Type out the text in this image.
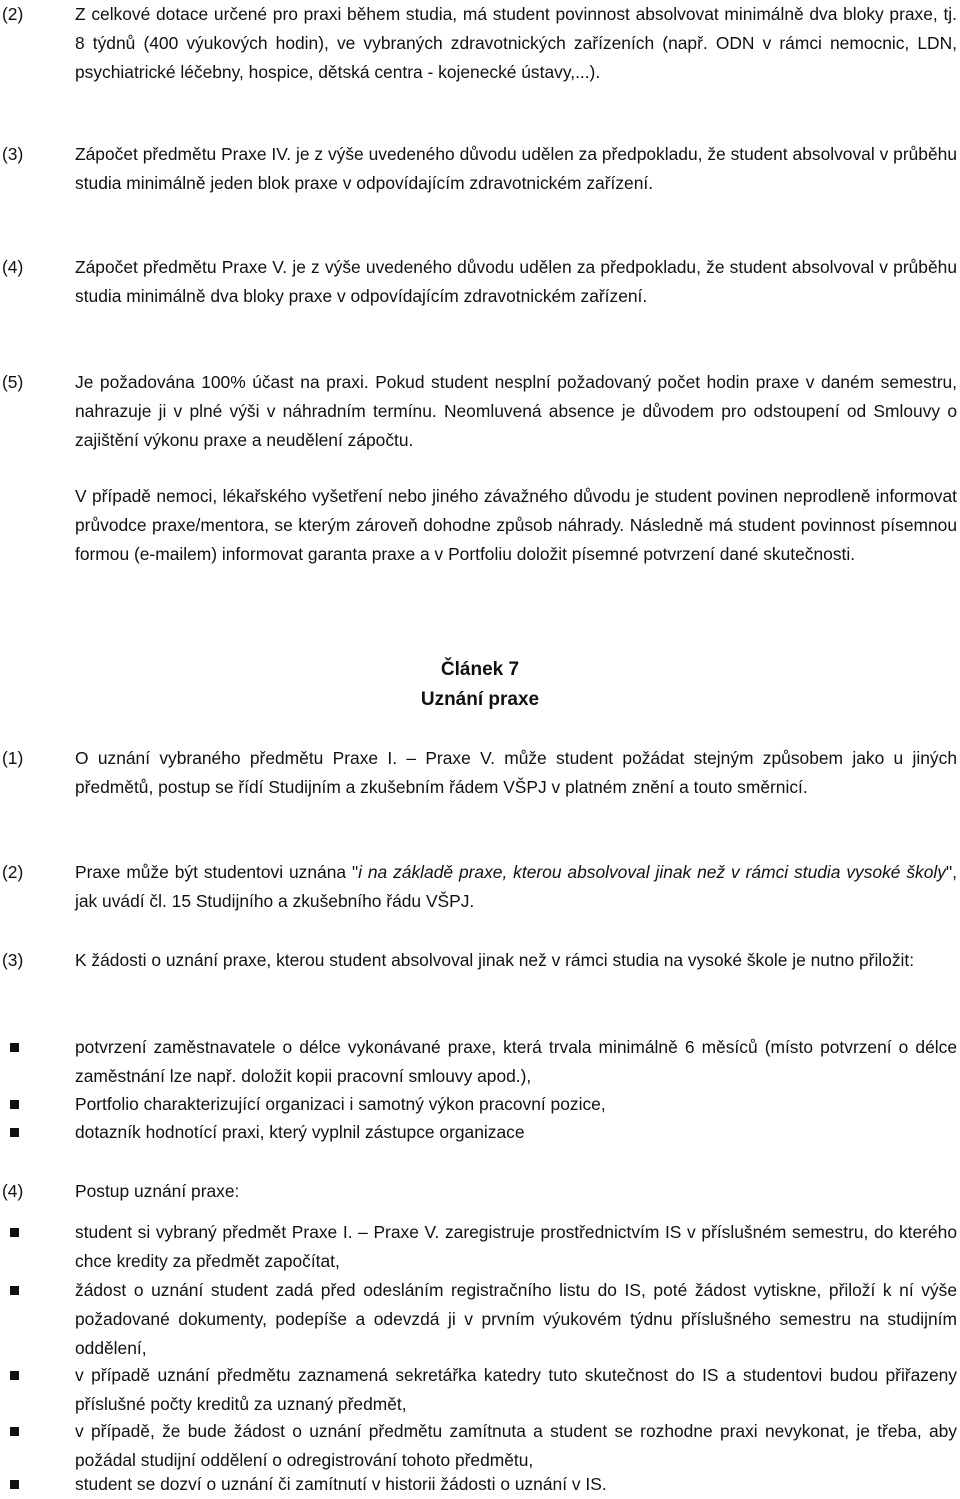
(2)	Z celkové dotace určené pro praxi během studia, má student povinnost absolvovat minimálně dva bloky praxe, tj. 8 týdnů (400 výukových hodin), ve vybraných zdravotnických zařízeních (např. ODN v rámci nemocnic, LDN, psychiatrické léčebny, hospice, dětská centra - kojenecké ústavy,...).
(3)	Zápočet předmětu Praxe IV. je z výše uvedeného důvodu udělen za předpokladu, že student absolvoval v průběhu studia minimálně jeden blok praxe v odpovídajícím zdravotnickém zařízení.
(4)	Zápočet předmětu Praxe V. je z výše uvedeného důvodu udělen za předpokladu, že student absolvoval v průběhu studia minimálně dva bloky praxe v odpovídajícím zdravotnickém zařízení.
(5)	Je požadována 100% účast na praxi. Pokud student nesplní požadovaný počet hodin praxe v daném semestru, nahrazuje ji v plné výši v náhradním termínu. Neomluvená absence je důvodem pro odstoupení od Smlouvy o zajištění výkonu praxe a neudělení zápočtu.
V případě nemoci, lékařského vyšetření nebo jiného závažného důvodu je student povinen neprodleně informovat průvodce praxe/mentora, se kterým zároveň dohodne způsob náhrady. Následně má student povinnost písemnou formou (e-mailem) informovat garanta praxe a v Portfoliu doložit písemné potvrzení dané skutečnosti.
Článek 7
Uznání praxe
(1)	O uznání vybraného předmětu Praxe I. – Praxe V. může student požádat stejným způsobem jako u jiných předmětů, postup se řídí Studijním a zkušebním řádem VŠPJ v platném znění a touto směrnicí.
(2)	Praxe může být studentovi uznána "i na základě praxe, kterou absolvoval jinak než v rámci studia vysoké školy", jak uvádí čl. 15 Studijního a zkušebního řádu VŠPJ.
(3)	K žádosti o uznání praxe, kterou student absolvoval jinak než v rámci studia na vysoké škole je nutno přiložit:
potvrzení zaměstnavatele o délce vykonávané praxe, která trvala minimálně 6 měsíců (místo potvrzení o délce zaměstnání lze např. doložit kopii pracovní smlouvy apod.),
Portfolio charakterizující organizaci i samotný výkon pracovní pozice,
dotazník hodnotící praxi, který vyplnil zástupce organizace
(4)	Postup uznání praxe:
student si vybraný předmět Praxe I. – Praxe V. zaregistruje prostřednictvím IS v příslušném semestru, do kterého chce kredity za předmět započítat,
žádost o uznání student zadá před odesláním registračního listu do IS, poté žádost vytiskne, přiloží k ní výše požadované dokumenty, podepíše a odevzdá ji v prvním výukovém týdnu příslušného semestru na studijním oddělení,
v případě uznání předmětu zaznamená sekretářka katedry tuto skutečnost do IS a studentovi budou přiřazeny příslušné počty kreditů za uznaný předmět,
v případě, že bude žádost o uznání předmětu zamítnuta a student se rozhodne praxi nevykonat, je třeba, aby požádal studijní oddělení o odregistrování tohoto předmětu,
student se dozví o uznání či zamítnutí v historii žádosti o uznání v IS.
